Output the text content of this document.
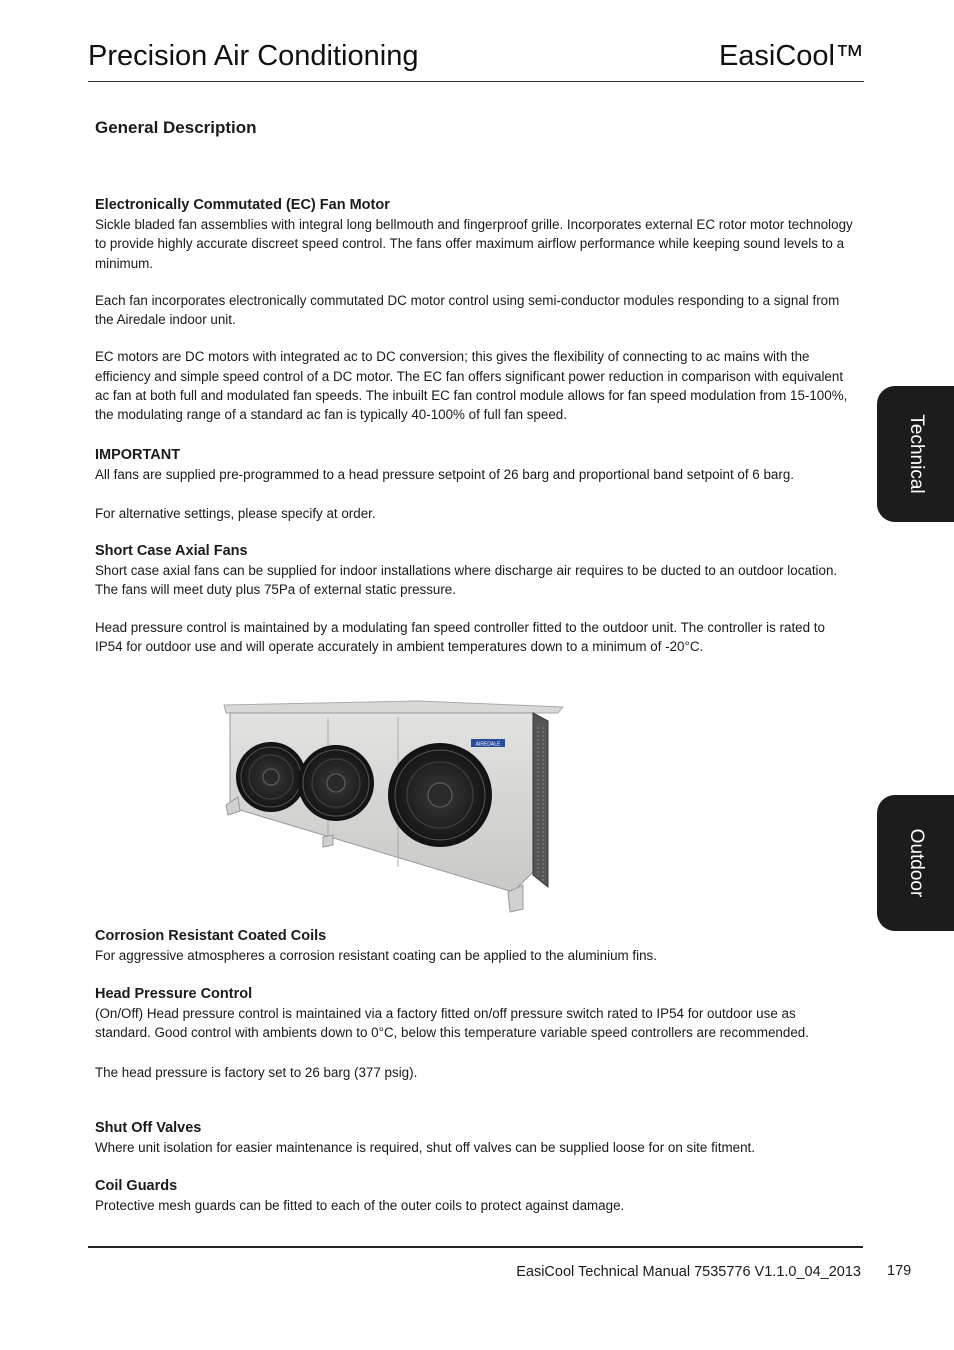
Precision Air Conditioning	EasiCool™
General Description
Electronically Commutated (EC) Fan Motor

Sickle bladed fan assemblies with integral long bellmouth and fingerproof grille. Incorporates external EC rotor motor technology to provide highly accurate discreet speed control. The fans offer maximum airflow performance while keeping sound levels to a minimum.

Each fan incorporates electronically commutated DC motor control using semi-conductor modules responding to a signal from the Airedale indoor unit.

EC motors are DC motors with integrated ac to DC conversion; this gives the flexibility of connecting to ac mains with the efficiency and simple speed control of a DC motor. The EC fan offers significant power reduction in comparison with equivalent ac fan at both full and modulated fan speeds. The inbuilt EC fan control module allows for fan speed modulation from 15-100%, the modulating range of a standard ac fan is typically 40-100% of full fan speed.

IMPORTANT

All fans are supplied pre-programmed to a head pressure setpoint of 26 barg and proportional band setpoint of 6 barg.

For alternative settings, please specify at order.

Short Case Axial Fans

Short case axial fans can be supplied for indoor installations where discharge air requires to be ducted to an outdoor location. The fans will meet duty plus 75Pa of external static pressure.

Head pressure control is maintained by a modulating fan speed controller fitted to the outdoor unit. The controller is rated to IP54 for outdoor use and will operate accurately in ambient temperatures down to a minimum of -20°C.

AIREDALE
Corrosion Resistant Coated Coils

For aggressive atmospheres a corrosion resistant coating can be applied to the aluminium fins.

Head Pressure Control

(On/Off) Head pressure control is maintained via a factory fitted on/off pressure switch rated to IP54 for outdoor use as standard. Good control with ambients down to 0°C, below this temperature variable speed controllers are recommended.

The head pressure is factory set to 26 barg (377 psig).

Shut Off Valves

Where unit isolation for easier maintenance is required, shut off valves can be supplied loose for on site fitment.

Coil Guards

Protective mesh guards can be fitted to each of the outer coils to protect against damage.

Technical
Outdoor
EasiCool Technical Manual 7535776 V1.1.0_04_2013 179
